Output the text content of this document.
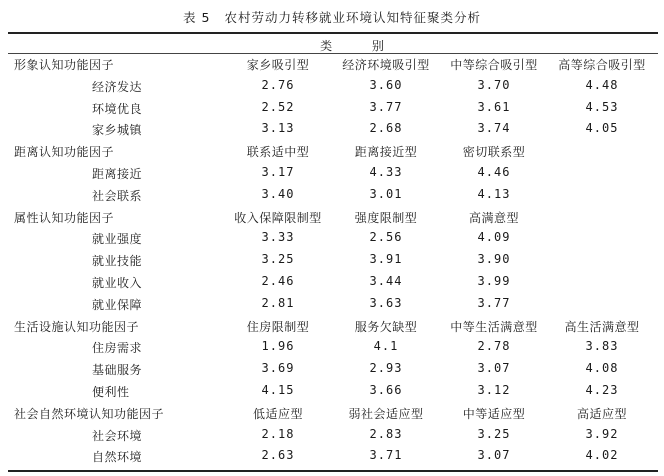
表 5 农村劳动力转移就业环境认知特征聚类分析
类 别
形象认知功能因子	家乡吸引型	经济环境吸引型	中等综合吸引型	高等综合吸引型
经济发达	2.76	3.60	3.70	4.48
环境优良	2.52	3.77	3.61	4.53
家乡城镇	3.13	2.68	3.74	4.05
距离认知功能因子	联系适中型	距离接近型	密切联系型
距离接近	3.17	4.33	4.46
社会联系	3.40	3.01	4.13
属性认知功能因子	收入保障限制型	强度限制型	高满意型
就业强度	3.33	2.56	4.09
就业技能	3.25	3.91	3.90
就业收入	2.46	3.44	3.99
就业保障	2.81	3.63	3.77
生活设施认知功能因子	住房限制型	服务欠缺型	中等生活满意型	高生活满意型
住房需求	1.96	4.1	2.78	3.83
基础服务	3.69	2.93	3.07	4.08
便利性	4.15	3.66	3.12	4.23
社会自然环境认知功能因子	低适应型	弱社会适应型	中等适应型	高适应型
社会环境	2.18	2.83	3.25	3.92
自然环境	2.63	3.71	3.07	4.02
